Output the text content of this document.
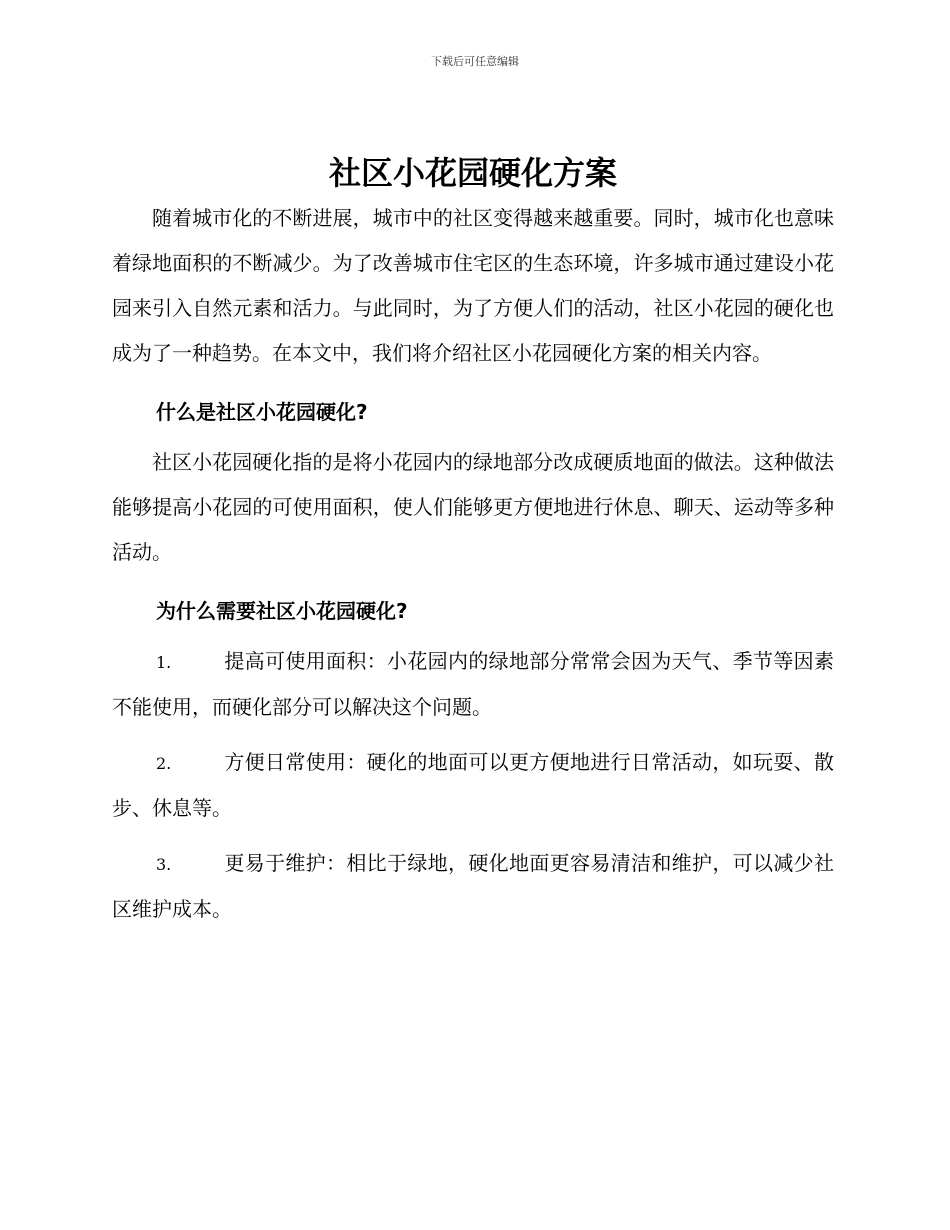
下载后可任意编辑
社区小花园硬化方案

随着城市化的不断进展，城市中的社区变得越来越重要。同时，城市化也意味着绿地面积的不断减少。为了改善城市住宅区的生态环境，许多城市通过建设小花园来引入自然元素和活力。与此同时，为了方便人们的活动，社区小花园的硬化也成为了一种趋势。在本文中，我们将介绍社区小花园硬化方案的相关内容。

什么是社区小花园硬化?

社区小花园硬化指的是将小花园内的绿地部分改成硬质地面的做法。这种做法能够提高小花园的可使用面积，使人们能够更方便地进行休息、聊天、运动等多种活动。

为什么需要社区小花园硬化?

1.	提高可使用面积：小花园内的绿地部分常常会因为天气、季节等因素不能使用，而硬化部分可以解决这个问题。

2.	方便日常使用：硬化的地面可以更方便地进行日常活动，如玩耍、散步、休息等。

3.	更易于维护：相比于绿地，硬化地面更容易清洁和维护，可以减少社区维护成本。
